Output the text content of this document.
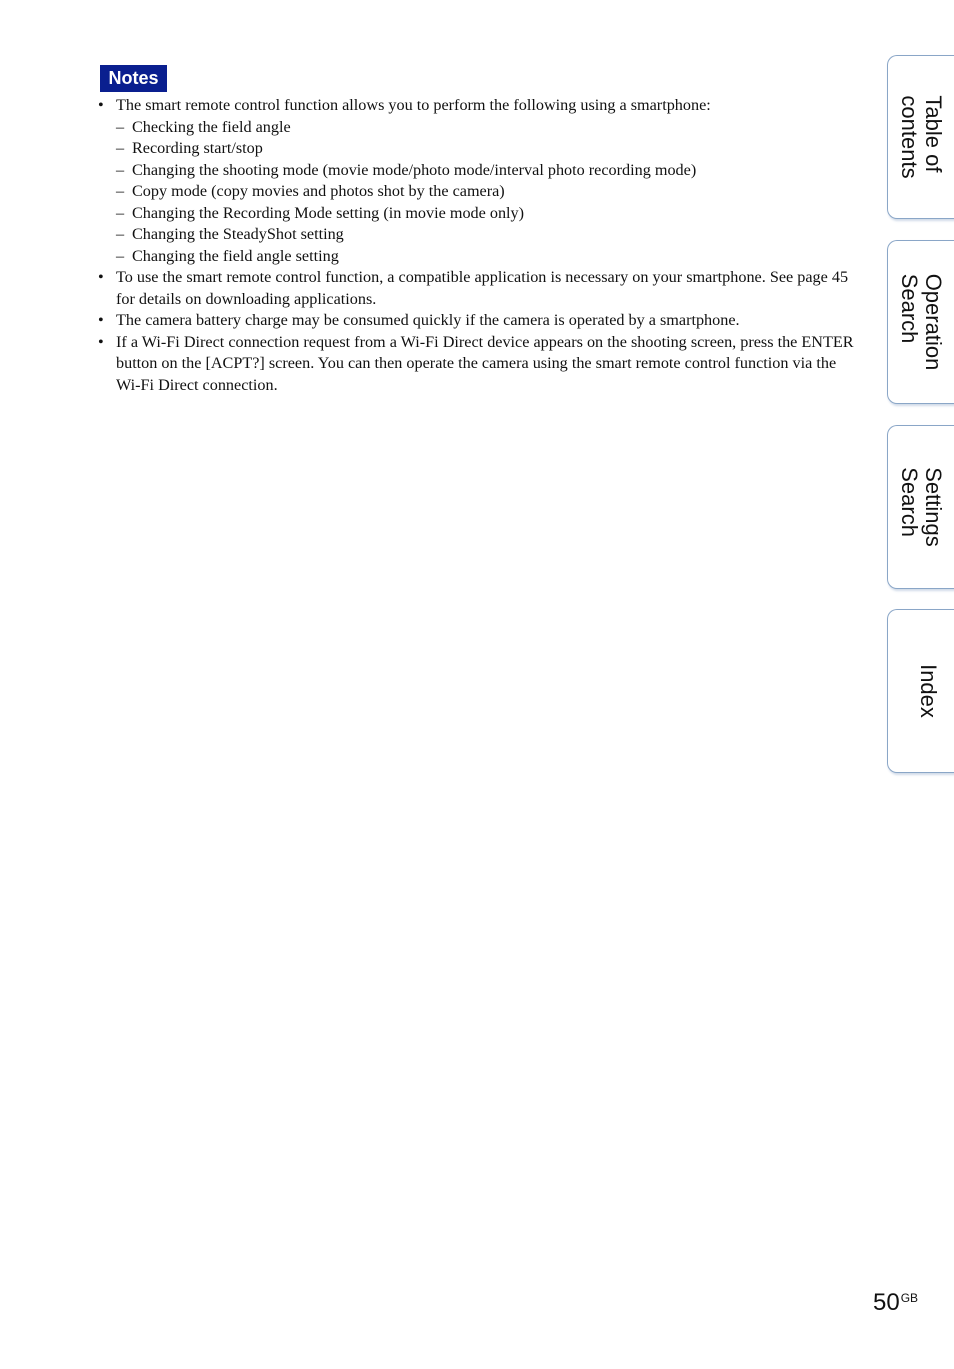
Notes
• The smart remote control function allows you to perform the following using a smartphone:
– Checking the field angle
– Recording start/stop
– Changing the shooting mode (movie mode/photo mode/interval photo recording mode)
– Copy mode (copy movies and photos shot by the camera)
– Changing the Recording Mode setting (in movie mode only)
– Changing the SteadyShot setting
– Changing the field angle setting
• To use the smart remote control function, a compatible application is necessary on your smartphone. See page 45 for details on downloading applications.
• The camera battery charge may be consumed quickly if the camera is operated by a smartphone.
• If a Wi-Fi Direct connection request from a Wi-Fi Direct device appears on the shooting screen, press the ENTER button on the [ACPT?] screen. You can then operate the camera using the smart remote control function via the Wi-Fi Direct connection.
Table of
contents
Operation
Search
Settings
Search
Index
$50^{GB}$
